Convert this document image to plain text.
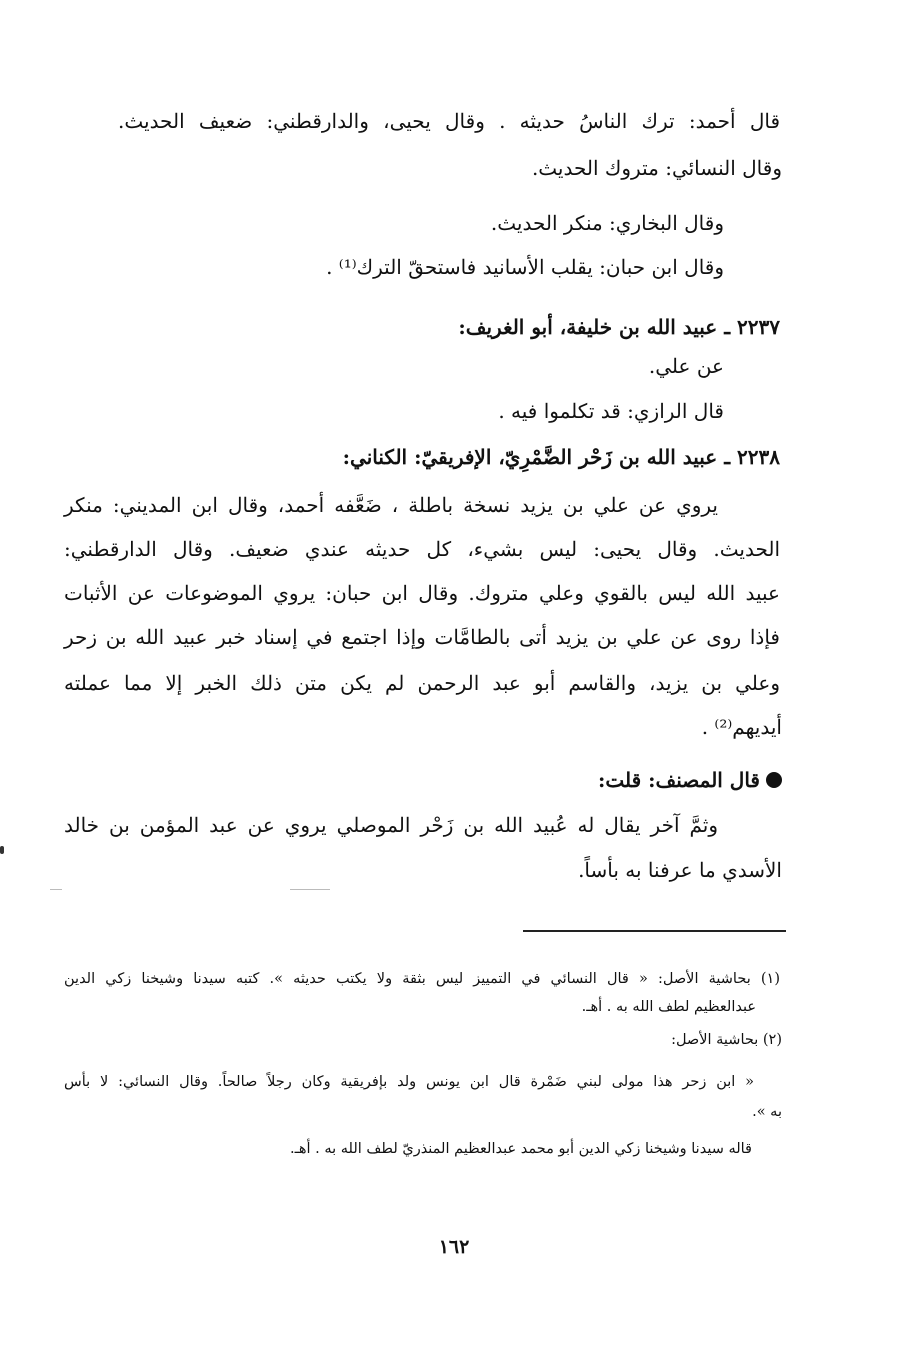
قال أحمد: ترك الناسُ حديثه . وقال يحيى، والدارقطني: ضعيف الحديث.
وقال النسائي: متروك الحديث.
وقال البخاري: منكر الحديث.
وقال ابن حبان: يقلب الأسانيد فاستحقّ الترك⁽¹⁾ .
٢٢٣٧ ـ عبيد الله بن خليفة، أبو الغريف:
عن علي.
قال الرازي: قد تكلموا فيه .
٢٢٣٨ ـ عبيد الله بن زَحْر الضَّمْرِيّ، الإفريقيّ: الكناني:
يروي عن علي بن يزيد نسخة باطلة ، ضَعَّفه أحمد، وقال ابن المديني: منكر
الحديث. وقال يحيى: ليس بشيء، كل حديثه عندي ضعيف. وقال الدارقطني:
عبيد الله ليس بالقوي وعلي متروك. وقال ابن حبان: يروي الموضوعات عن الأثبات
فإذا روى عن علي بن يزيد أتى بالطامَّات وإذا اجتمع في إسناد خبر عبيد الله بن زحر
وعلي بن يزيد، والقاسم أبو عبد الرحمن لم يكن متن ذلك الخبر إلا مما عملته
أيديهم⁽²⁾ .
قال المصنف: قلت:
وثمَّ آخر يقال له عُبيد الله بن زَحْر الموصلي يروي عن عبد المؤمن بن خالد
الأسدي ما عرفنا به بأساً.
(١) بحاشية الأصل: « قال النسائي في التمييز ليس بثقة ولا يكتب حديثه ». كتبه سيدنا وشيخنا زكي الدين
عبدالعظيم لطف الله به . أهـ.
(٢) بحاشية الأصل:
« ابن زحر هذا مولى لبني ضَمْرة قال ابن يونس ولد بإفريقية وكان رجلاً صالحاً. وقال النسائي: لا بأس
به ».
قاله سيدنا وشيخنا زكي الدين أبو محمد عبدالعظيم المنذريّ لطف الله به . أهـ.
١٦٢
